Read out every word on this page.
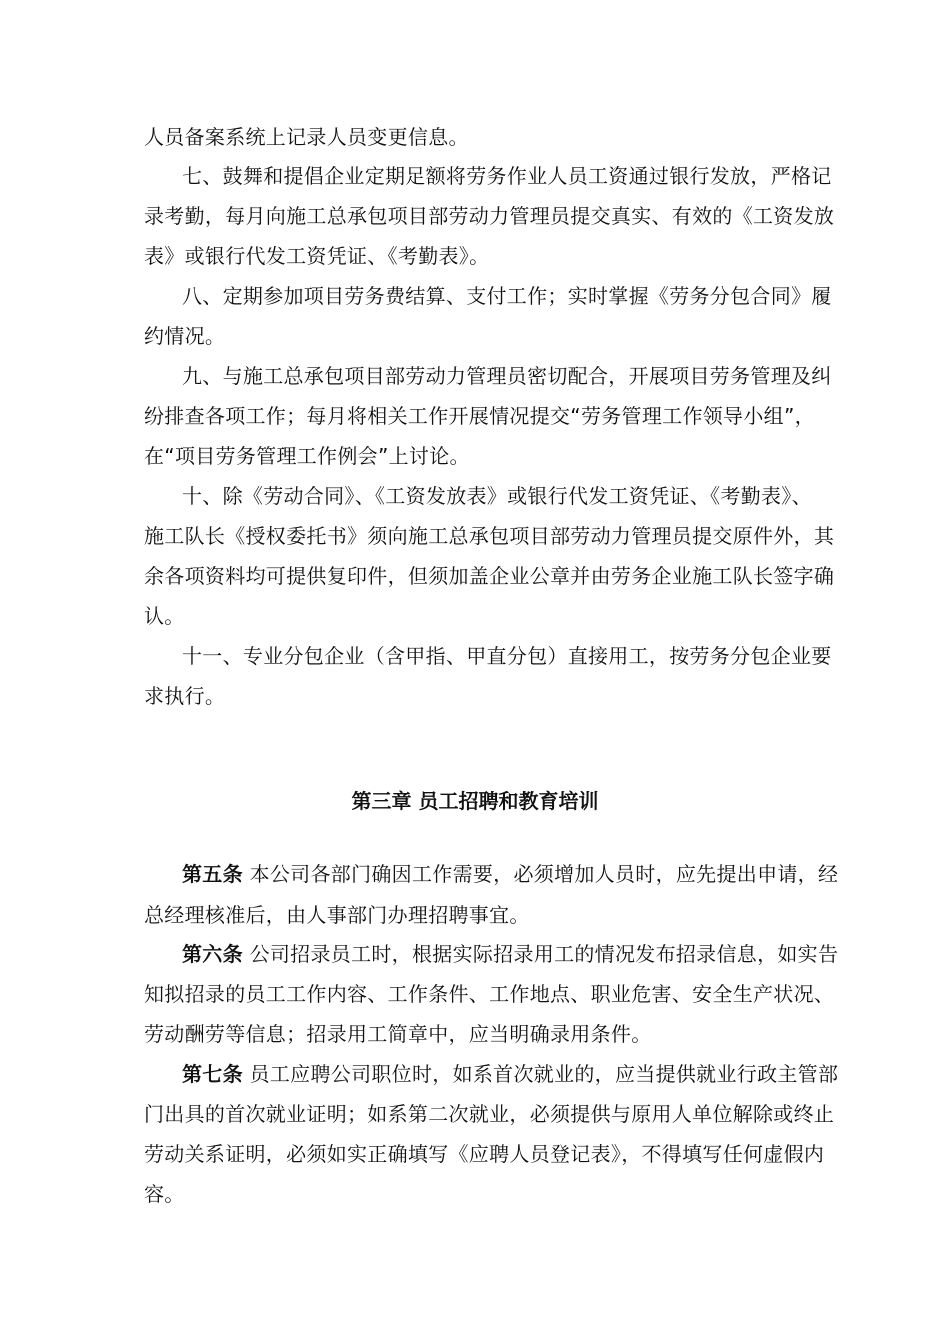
人员备案系统上记录人员变更信息。
七、鼓舞和提倡企业定期足额将劳务作业人员工资通过银行发放，严格记
录考勤，每月向施工总承包项目部劳动力管理员提交真实、有效的《工资发放
表》或银行代发工资凭证、《考勤表》。
八、定期参加项目劳务费结算、支付工作；实时掌握《劳务分包合同》履
约情况。
九、与施工总承包项目部劳动力管理员密切配合，开展项目劳务管理及纠
纷排查各项工作；每月将相关工作开展情况提交“劳务管理工作领导小组”，
在“项目劳务管理工作例会”上讨论。
十、除《劳动合同》、《工资发放表》或银行代发工资凭证、《考勤表》、
施工队长《授权委托书》须向施工总承包项目部劳动力管理员提交原件外，其
余各项资料均可提供复印件，但须加盖企业公章并由劳务企业施工队长签字确
认。
十一、专业分包企业（含甲指、甲直分包）直接用工，按劳务分包企业要
求执行。
第三章 员工招聘和教育培训
第五条 本公司各部门确因工作需要，必须增加人员时，应先提出申请，经
总经理核准后，由人事部门办理招聘事宜。
第六条 公司招录员工时，根据实际招录用工的情况发布招录信息，如实告
知拟招录的员工工作内容、工作条件、工作地点、职业危害、安全生产状况、
劳动酬劳等信息；招录用工简章中，应当明确录用条件。
第七条 员工应聘公司职位时，如系首次就业的，应当提供就业行政主管部
门出具的首次就业证明；如系第二次就业，必须提供与原用人单位解除或终止
劳动关系证明，必须如实正确填写《应聘人员登记表》，不得填写任何虚假内
容。
